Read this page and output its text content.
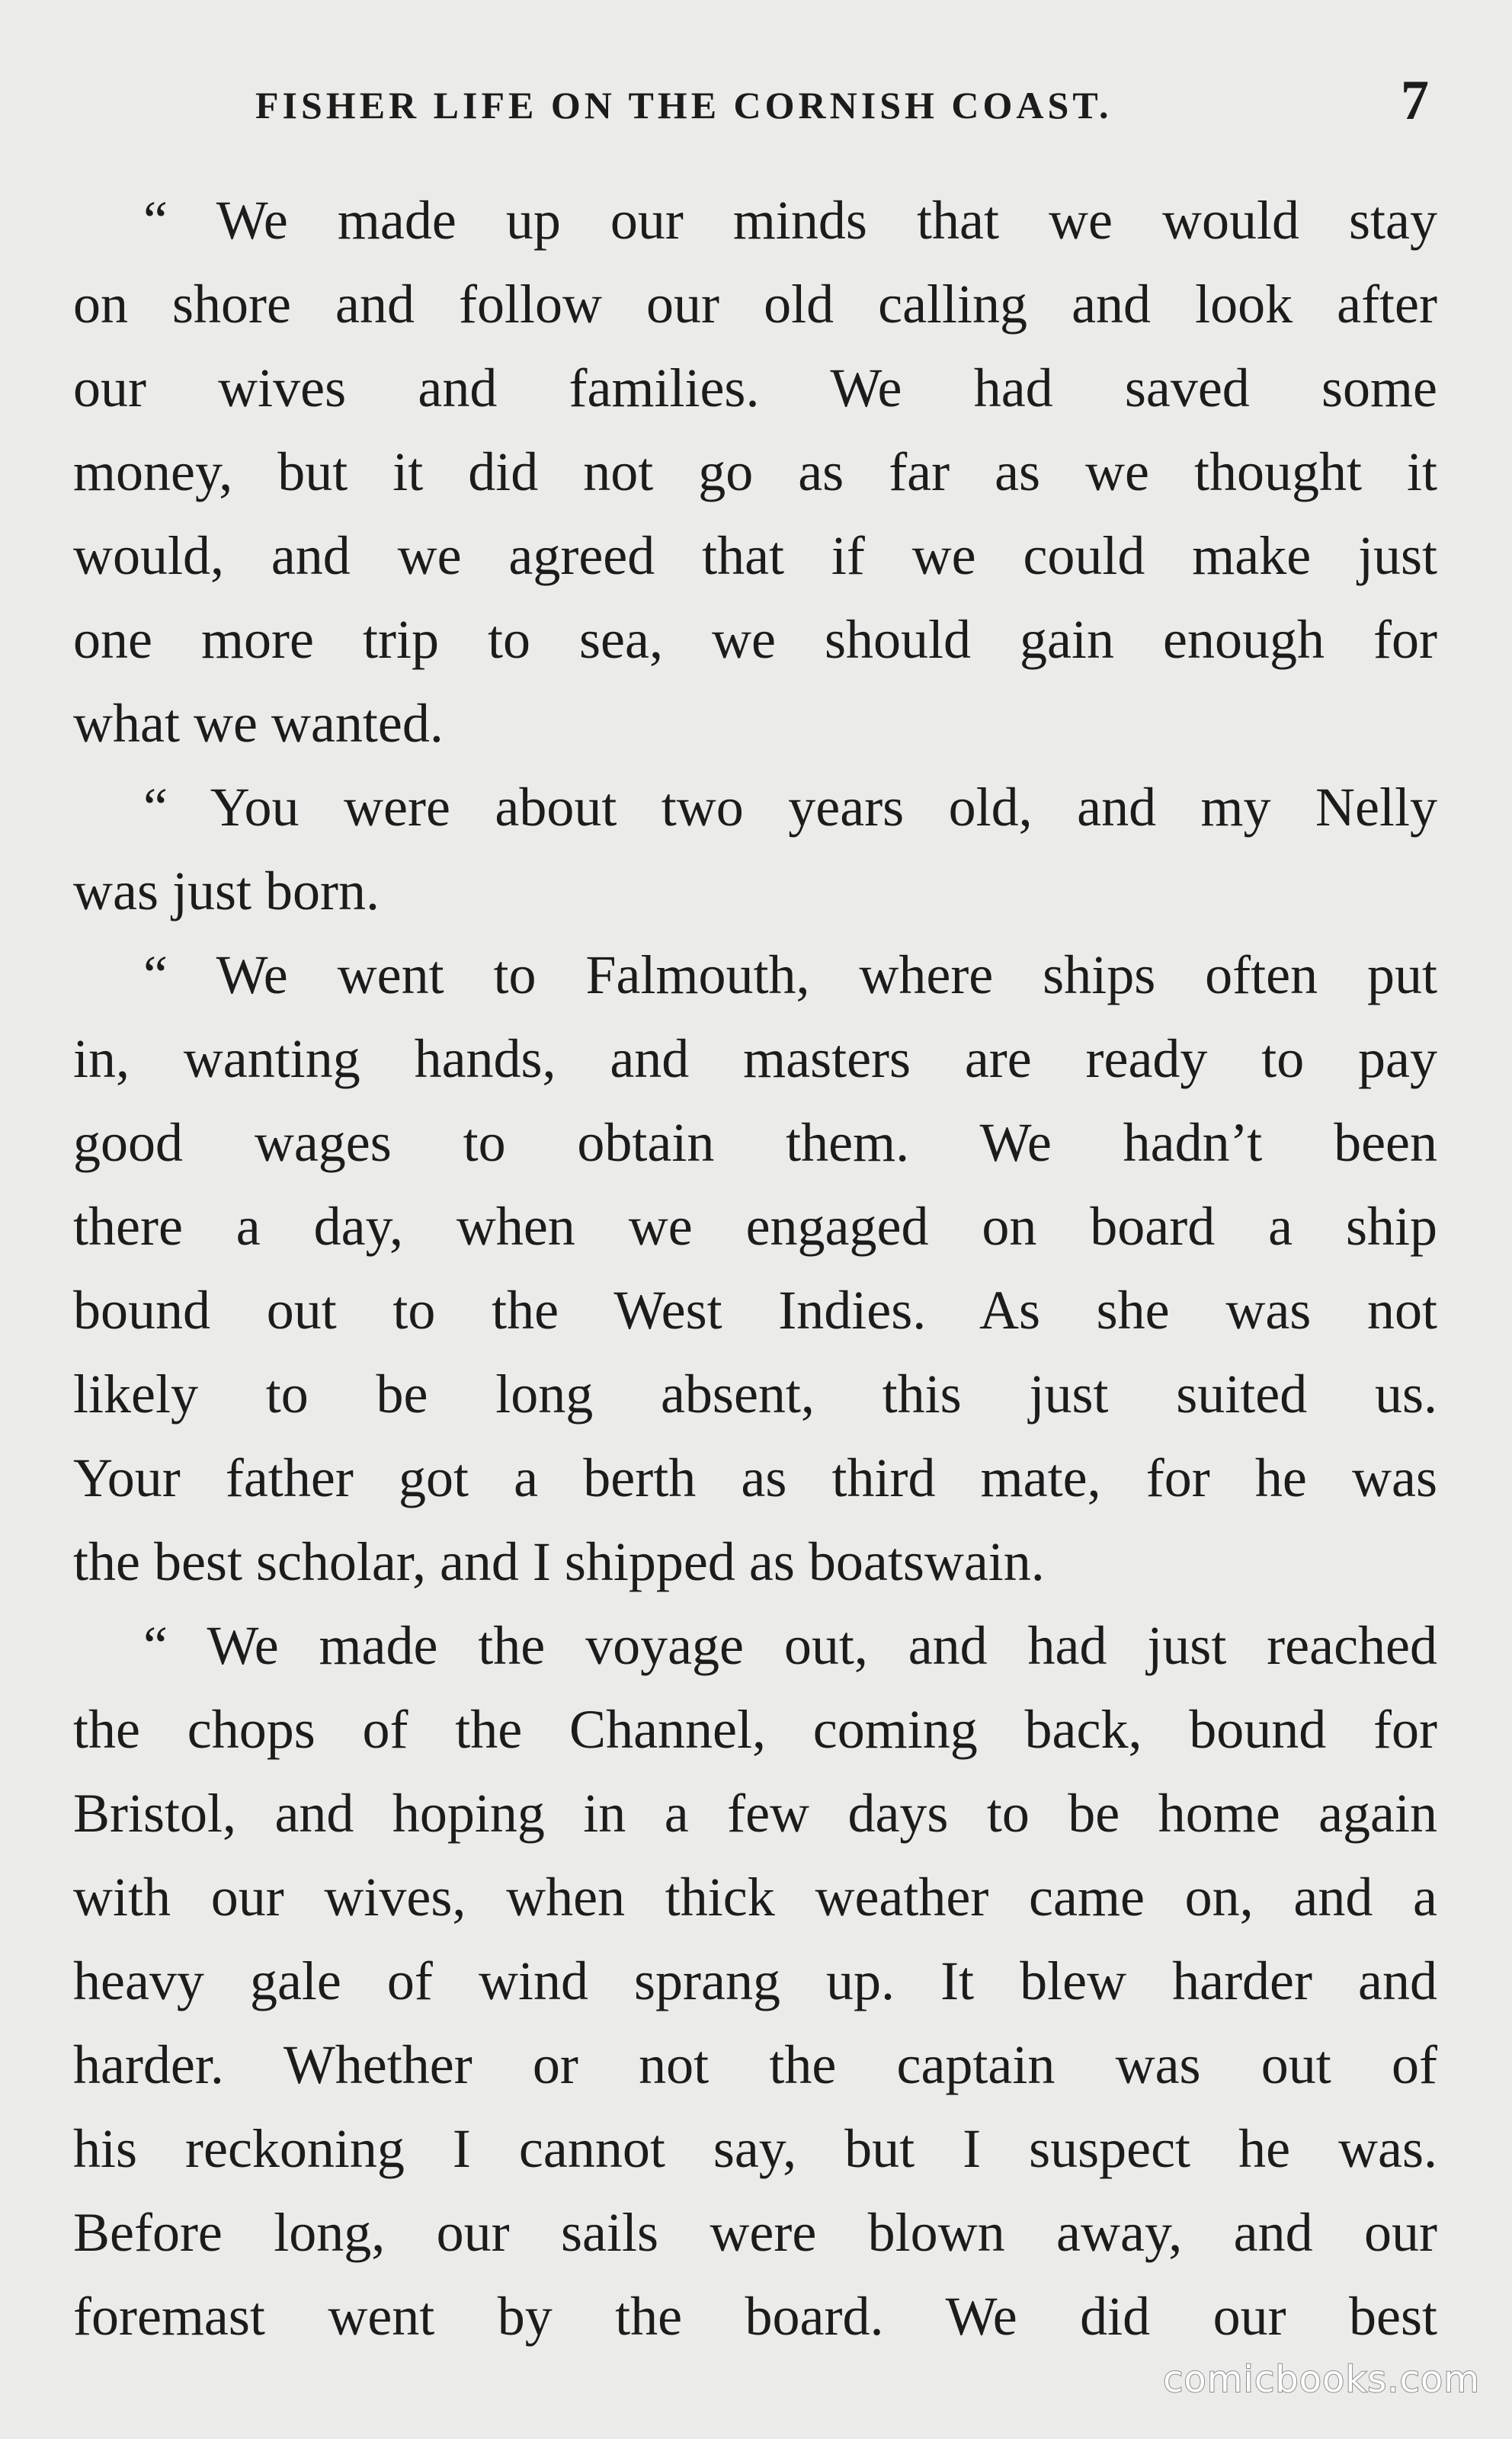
FISHER LIFE ON THE CORNISH COAST.	7
“ We made up our minds that we would stay
on shore and follow our old calling and look after
our wives and families. We had saved some
money, but it did not go as far as we thought it
would, and we agreed that if we could make just
one more trip to sea, we should gain enough for
what we wanted.
“ You were about two years old, and my Nelly
was just born.
“ We went to Falmouth, where ships often put
in, wanting hands, and masters are ready to pay
good wages to obtain them. We hadn’t been
there a day, when we engaged on board a ship
bound out to the West Indies. As she was not
likely to be long absent, this just suited us.
Your father got a berth as third mate, for he was
the best scholar, and I shipped as boatswain.
“ We made the voyage out, and had just reached
the chops of the Channel, coming back, bound for
Bristol, and hoping in a few days to be home again
with our wives, when thick weather came on, and a
heavy gale of wind sprang up. It blew harder and
harder. Whether or not the captain was out of
his reckoning I cannot say, but I suspect he was.
Before long, our sails were blown away, and our
foremast went by the board. We did our best
comicbooks.com
